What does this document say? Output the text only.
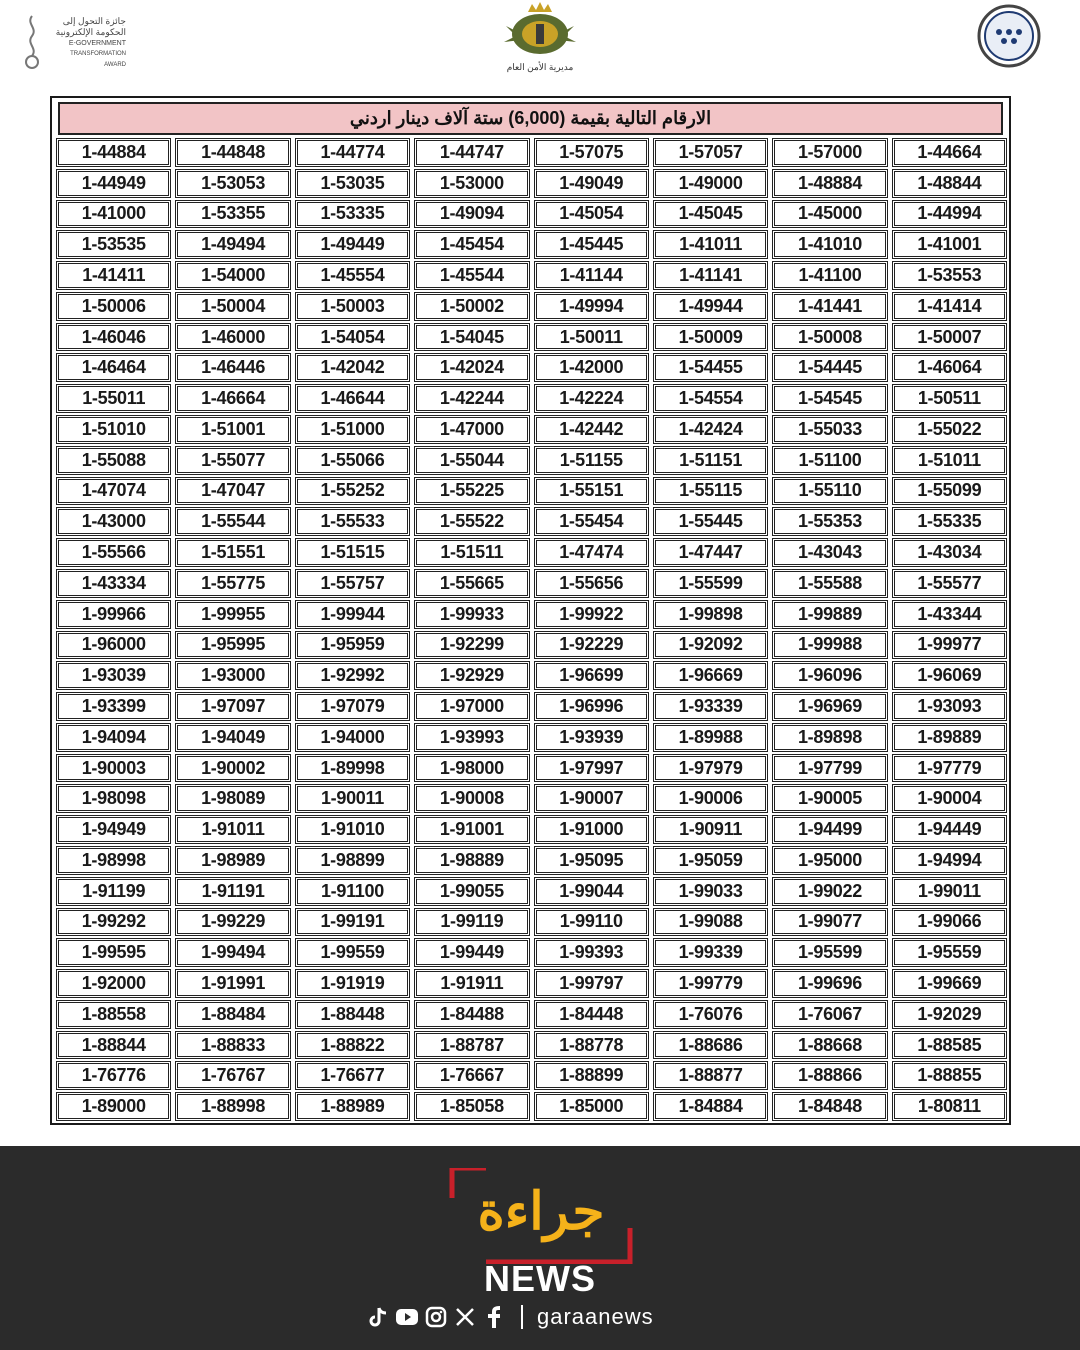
جائزة التحول إلى
الحكومة الإلكترونية
E-GOVERNMENT
TRANSFORMATION AWARD	مديرية الأمن العام
الارقام التالية بقيمة (6,000) ستة آلاف دينار اردني
1-44884	1-44848	1-44774	1-44747	1-57075	1-57057	1-57000	1-44664
1-44949	1-53053	1-53035	1-53000	1-49049	1-49000	1-48884	1-48844
1-41000	1-53355	1-53335	1-49094	1-45054	1-45045	1-45000	1-44994
1-53535	1-49494	1-49449	1-45454	1-45445	1-41011	1-41010	1-41001
1-41411	1-54000	1-45554	1-45544	1-41144	1-41141	1-41100	1-53553
1-50006	1-50004	1-50003	1-50002	1-49994	1-49944	1-41441	1-41414
1-46046	1-46000	1-54054	1-54045	1-50011	1-50009	1-50008	1-50007
1-46464	1-46446	1-42042	1-42024	1-42000	1-54455	1-54445	1-46064
1-55011	1-46664	1-46644	1-42244	1-42224	1-54554	1-54545	1-50511
1-51010	1-51001	1-51000	1-47000	1-42442	1-42424	1-55033	1-55022
1-55088	1-55077	1-55066	1-55044	1-51155	1-51151	1-51100	1-51011
1-47074	1-47047	1-55252	1-55225	1-55151	1-55115	1-55110	1-55099
1-43000	1-55544	1-55533	1-55522	1-55454	1-55445	1-55353	1-55335
1-55566	1-51551	1-51515	1-51511	1-47474	1-47447	1-43043	1-43034
1-43334	1-55775	1-55757	1-55665	1-55656	1-55599	1-55588	1-55577
1-99966	1-99955	1-99944	1-99933	1-99922	1-99898	1-99889	1-43344
1-96000	1-95995	1-95959	1-92299	1-92229	1-92092	1-99988	1-99977
1-93039	1-93000	1-92992	1-92929	1-96699	1-96669	1-96096	1-96069
1-93399	1-97097	1-97079	1-97000	1-96996	1-93339	1-96969	1-93093
1-94094	1-94049	1-94000	1-93993	1-93939	1-89988	1-89898	1-89889
1-90003	1-90002	1-89998	1-98000	1-97997	1-97979	1-97799	1-97779
1-98098	1-98089	1-90011	1-90008	1-90007	1-90006	1-90005	1-90004
1-94949	1-91011	1-91010	1-91001	1-91000	1-90911	1-94499	1-94449
1-98998	1-98989	1-98899	1-98889	1-95095	1-95059	1-95000	1-94994
1-91199	1-91191	1-91100	1-99055	1-99044	1-99033	1-99022	1-99011
1-99292	1-99229	1-99191	1-99119	1-99110	1-99088	1-99077	1-99066
1-99595	1-99494	1-99559	1-99449	1-99393	1-99339	1-95599	1-95559
1-92000	1-91991	1-91919	1-91911	1-99797	1-99779	1-99696	1-99669
1-88558	1-88484	1-88448	1-84488	1-84448	1-76076	1-76067	1-92029
1-88844	1-88833	1-88822	1-88787	1-88778	1-88686	1-88668	1-88585
1-76776	1-76767	1-76677	1-76667	1-88899	1-88877	1-88866	1-88855
1-89000	1-88998	1-88989	1-85058	1-85000	1-84884	1-84848	1-80811
جراءة
NEWS
garaanews
